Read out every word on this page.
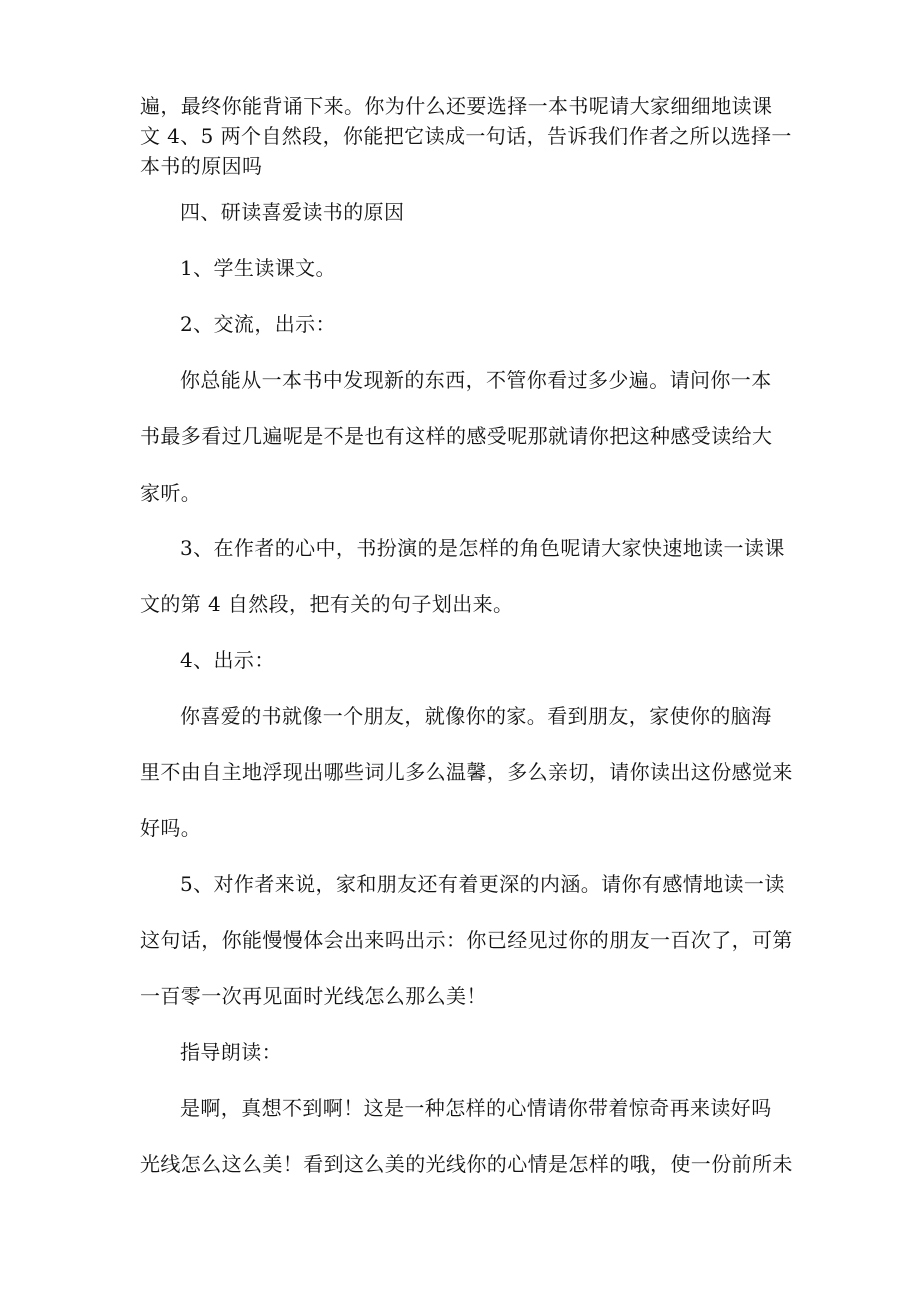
遍，最终你能背诵下来。你为什么还要选择一本书呢请大家细细地读课
文 4、5 两个自然段，你能把它读成一句话，告诉我们作者之所以选择一
本书的原因吗
四、研读喜爱读书的原因
1、学生读课文。
2、交流，出示：
你总能从一本书中发现新的东西，不管你看过多少遍。请问你一本
书最多看过几遍呢是不是也有这样的感受呢那就请你把这种感受读给大
家听。
3、在作者的心中，书扮演的是怎样的角色呢请大家快速地读一读课
文的第 4 自然段，把有关的句子划出来。
4、出示：
你喜爱的书就像一个朋友，就像你的家。看到朋友，家使你的脑海
里不由自主地浮现出哪些词儿多么温馨，多么亲切，请你读出这份感觉来
好吗。
5、对作者来说，家和朋友还有着更深的内涵。请你有感情地读一读
这句话，你能慢慢体会出来吗出示：你已经见过你的朋友一百次了，可第
一百零一次再见面时光线怎么那么美！
指导朗读：
是啊，真想不到啊！这是一种怎样的心情请你带着惊奇再来读好吗
光线怎么这么美！看到这么美的光线你的心情是怎样的哦，使一份前所未
